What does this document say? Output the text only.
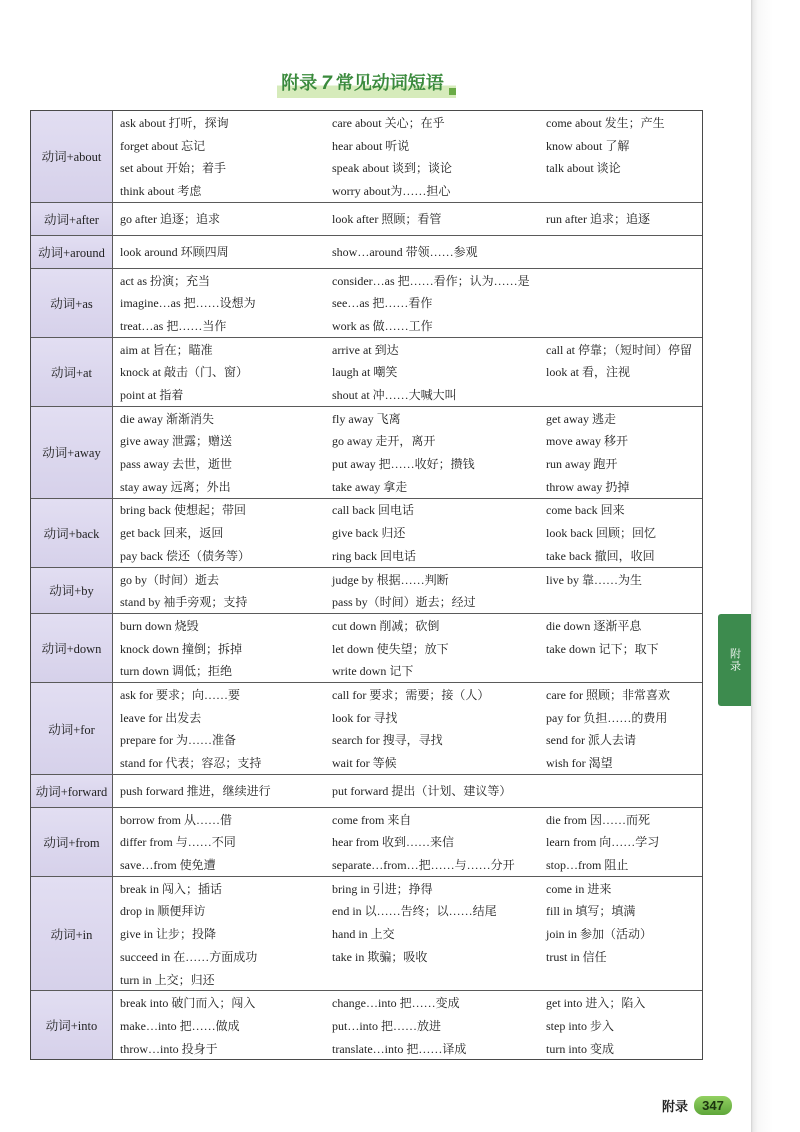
附录 7 常见动词短语
动词+about
ask about 打听，探询	care about 关心；在乎	come about 发生；产生
forget about 忘记	hear about 听说	know about 了解
set about 开始；着手	speak about 谈到；谈论	talk about 谈论
think about 考虑	worry about为……担心
动词+after	go after 追逐；追求	look after 照顾；看管	run after 追求；追逐
动词+around	look around 环顾四周	show…around 带领……参观
动词+as
act as 扮演；充当	consider…as 把……看作；认为……是
imagine…as 把……设想为	see…as 把……看作
treat…as 把……当作	work as 做……工作
动词+at
aim at 旨在；瞄准	arrive at 到达	call at 停靠；（短时间）停留
knock at 敲击（门、窗）	laugh at 嘲笑	look at 看，注视
point at 指着	shout at 冲……大喊大叫
动词+away
die away 渐渐消失	fly away 飞离	get away 逃走
give away 泄露；赠送	go away 走开，离开	move away 移开
pass away 去世，逝世	put away 把……收好；攒钱	run away 跑开
stay away 远离；外出	take away 拿走	throw away 扔掉
动词+back
bring back 使想起；带回	call back 回电话	come back 回来
get back 回来，返回	give back 归还	look back 回顾；回忆
pay back 偿还（债务等）	ring back 回电话	take back 撤回，收回
动词+by
go by（时间）逝去	judge by 根据……判断	live by 靠……为生
stand by 袖手旁观；支持	pass by（时间）逝去；经过
动词+down
burn down 烧毁	cut down 削减；砍倒	die down 逐渐平息
knock down 撞倒；拆掉	let down 使失望；放下	take down 记下；取下
turn down 调低；拒绝	write down 记下
动词+for
ask for 要求；向……要	call for 要求；需要；接（人）	care for 照顾；非常喜欢
leave for 出发去	look for 寻找	pay for 负担……的费用
prepare for 为……准备	search for 搜寻，寻找	send for 派人去请
stand for 代表；容忍；支持	wait for 等候	wish for 渴望
动词+forward	push forward 推进，继续进行	put forward 提出（计划、建议等）
动词+from
borrow from 从……借	come from 来自	die from 因……而死
differ from 与……不同	hear from 收到……来信	learn from 向……学习
save…from 使免遭	separate…from…把……与……分开	stop…from 阻止
动词+in
break in 闯入；插话	bring in 引进；挣得	come in 进来
drop in 顺便拜访	end in 以……告终；以……结尾	fill in 填写；填满
give in 让步；投降	hand in 上交	join in 参加（活动）
succeed in 在……方面成功	take in 欺骗；吸收	trust in 信任
turn in 上交；归还
动词+into
break into 破门而入；闯入	change…into 把……变成	get into 进入；陷入
make…into 把……做成	put…into 把……放进	step into 步入
throw…into 投身于	translate…into 把……译成	turn into 变成
附录
附录	347
